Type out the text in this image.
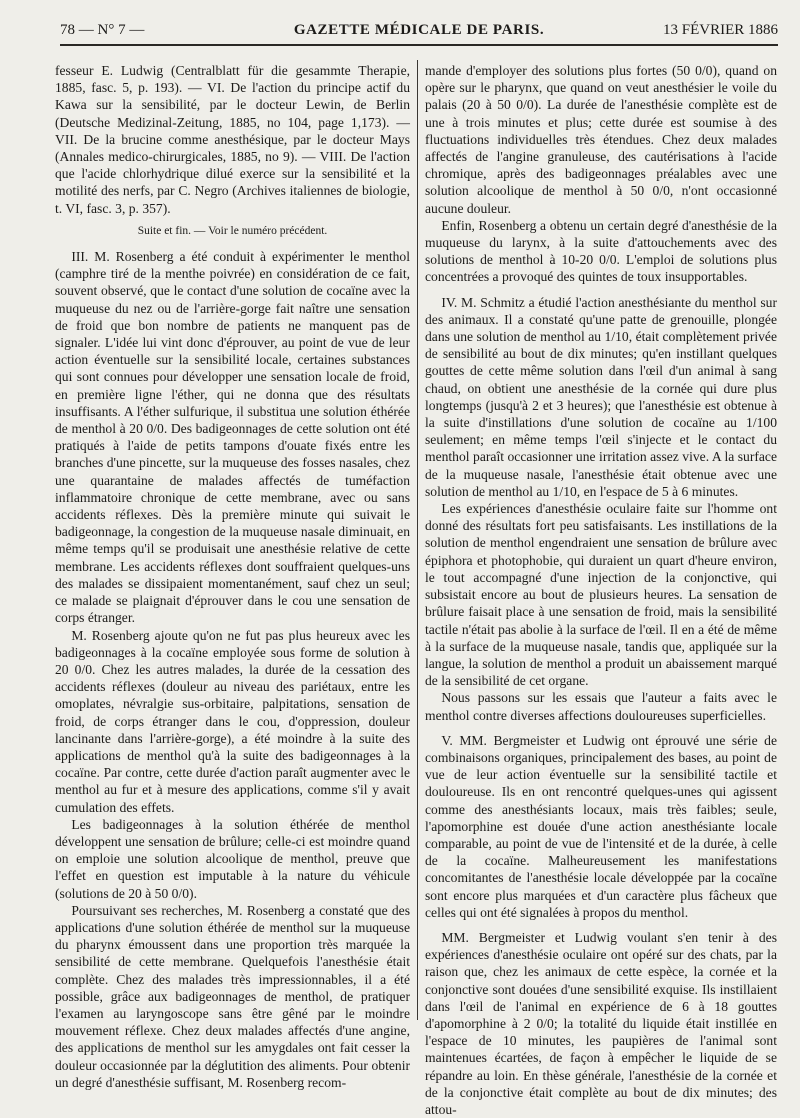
78 — N° 7 —	GAZETTE MÉDICALE DE PARIS.	13 FÉVRIER 1886

fesseur E. Ludwig (Centralblatt für die gesammte Therapie, 1885, fasc. 5, p. 193). — VI. De l'action du principe actif du Kawa sur la sensibilité, par le docteur Lewin, de Berlin (Deutsche Medizinal-Zeitung, 1885, no 104, page 1,173). — VII. De la brucine comme anesthésique, par le docteur Mays (Annales medico-chirurgicales, 1885, no 9). — VIII. De l'action que l'acide chlorhydrique dilué exerce sur la sensibilité et la motilité des nerfs, par C. Negro (Archives italiennes de biologie, t. VI, fasc. 3, p. 357).

Suite et fin. — Voir le numéro précédent.

III. M. Rosenberg a été conduit à expérimenter le menthol (camphre tiré de la menthe poivrée) en considération de ce fait, souvent observé, que le contact d'une solution de cocaïne avec la muqueuse du nez ou de l'arrière-gorge fait naître une sensation de froid que bon nombre de patients ne manquent pas de signaler. L'idée lui vint donc d'éprouver, au point de vue de leur action éventuelle sur la sensibilité locale, certaines substances qui sont connues pour développer une sensation locale de froid, en première ligne l'éther, qui ne donna que des résultats insuffisants. A l'éther sulfurique, il substitua une solution éthérée de menthol à 20 0/0. Des badigeonnages de cette solution ont été pratiqués à l'aide de petits tampons d'ouate fixés entre les branches d'une pincette, sur la muqueuse des fosses nasales, chez une quarantaine de malades affectés de tuméfaction inflammatoire chronique de cette membrane, avec ou sans accidents réflexes. Dès la première minute qui suivait le badigeonnage, la congestion de la muqueuse nasale diminuait, en même temps qu'il se produisait une anesthésie relative de cette membrane. Les accidents réflexes dont souffraient quelques-uns des malades se dissipaient momentanément, sauf chez un seul; ce malade se plaignait d'éprouver dans le cou une sensation de corps étranger.

M. Rosenberg ajoute qu'on ne fut pas plus heureux avec les badigeonnages à la cocaïne employée sous forme de solution à 20 0/0. Chez les autres malades, la durée de la cessation des accidents réflexes (douleur au niveau des pariétaux, entre les omoplates, névralgie sus-orbitaire, palpitations, sensation de froid, de corps étranger dans le cou, d'oppression, douleur lancinante dans l'arrière-gorge), a été moindre à la suite des applications de menthol qu'à la suite des badigeonnages à la cocaïne. Par contre, cette durée d'action paraît augmenter avec le menthol au fur et à mesure des applications, comme s'il y avait cumulation des effets.

Les badigeonnages à la solution éthérée de menthol développent une sensation de brûlure; celle-ci est moindre quand on emploie une solution alcoolique de menthol, preuve que l'effet en question est imputable à la nature du véhicule (solutions de 20 à 50 0/0).

Poursuivant ses recherches, M. Rosenberg a constaté que des applications d'une solution éthérée de menthol sur la muqueuse du pharynx émoussent dans une proportion très marquée la sensibilité de cette membrane. Quelquefois l'anesthésie était complète. Chez des malades très impressionnables, il a été possible, grâce aux badigeonnages de menthol, de pratiquer l'examen au laryngoscope sans être gêné par le moindre mouvement réflexe. Chez deux malades affectés d'une angine, des applications de menthol sur les amygdales ont fait cesser la douleur occasionnée par la déglutition des aliments. Pour obtenir un degré d'anesthésie suffisant, M. Rosenberg recom-

mande d'employer des solutions plus fortes (50 0/0), quand on opère sur le pharynx, que quand on veut anesthésier le voile du palais (20 à 50 0/0). La durée de l'anesthésie complète est de une à trois minutes et plus; cette durée est soumise à des fluctuations individuelles très étendues. Chez deux malades affectés de l'angine granuleuse, des cautérisations à l'acide chromique, après des badigeonnages préalables avec une solution alcoolique de menthol à 50 0/0, n'ont occasionné aucune douleur.

Enfin, Rosenberg a obtenu un certain degré d'anesthésie de la muqueuse du larynx, à la suite d'attouchements avec des solutions de menthol à 10-20 0/0. L'emploi de solutions plus concentrées a provoqué des quintes de toux insupportables.

IV. M. Schmitz a étudié l'action anesthésiante du menthol sur des animaux. Il a constaté qu'une patte de grenouille, plongée dans une solution de menthol au 1/10, était complètement privée de sensibilité au bout de dix minutes; qu'en instillant quelques gouttes de cette même solution dans l'œil d'un animal à sang chaud, on obtient une anesthésie de la cornée qui dure plus longtemps (jusqu'à 2 et 3 heures); que l'anesthésie est obtenue à la suite d'instillations d'une solution de cocaïne au 1/100 seulement; en même temps l'œil s'injecte et le contact du menthol paraît occasionner une irritation assez vive. A la surface de la muqueuse nasale, l'anesthésie était obtenue avec une solution de menthol au 1/10, en l'espace de 5 à 6 minutes.

Les expériences d'anesthésie oculaire faite sur l'homme ont donné des résultats fort peu satisfaisants. Les instillations de la solution de menthol engendraient une sensation de brûlure avec épiphora et photophobie, qui duraient un quart d'heure environ, le tout accompagné d'une injection de la conjonctive, qui subsistait encore au bout de plusieurs heures. La sensation de brûlure faisait place à une sensation de froid, mais la sensibilité tactile n'était pas abolie à la surface de l'œil. Il en a été de même à la surface de la muqueuse nasale, tandis que, appliquée sur la langue, la solution de menthol a produit un abaissement marqué de la sensibilité de cet organe.

Nous passons sur les essais que l'auteur a faits avec le menthol contre diverses affections douloureuses superficielles.

V. MM. Bergmeister et Ludwig ont éprouvé une série de combinaisons organiques, principalement des bases, au point de vue de leur action éventuelle sur la sensibilité tactile et douloureuse. Ils en ont rencontré quelques-unes qui agissent comme des anesthésiants locaux, mais très faibles; seule, l'apomorphine est douée d'une action anesthésiante locale comparable, au point de vue de l'intensité et de la durée, à celle de la cocaïne. Malheureusement les manifestations concomitantes de l'anesthésie locale développée par la cocaïne sont encore plus marquées et d'un caractère plus fâcheux que celles qui ont été signalées à propos du menthol.

MM. Bergmeister et Ludwig voulant s'en tenir à des expériences d'anesthésie oculaire ont opéré sur des chats, par la raison que, chez les animaux de cette espèce, la cornée et la conjonctive sont douées d'une sensibilité exquise. Ils instillaient dans l'œil de l'animal en expérience de 6 à 18 gouttes d'apomorphine à 2 0/0; la totalité du liquide était instillée en l'espace de 10 minutes, les paupières de l'animal sont maintenues écartées, de façon à empêcher le liquide de se répandre au loin. En thèse générale, l'anesthésie de la cornée et de la conjonctive était complète au bout de dix minutes; des attou-
